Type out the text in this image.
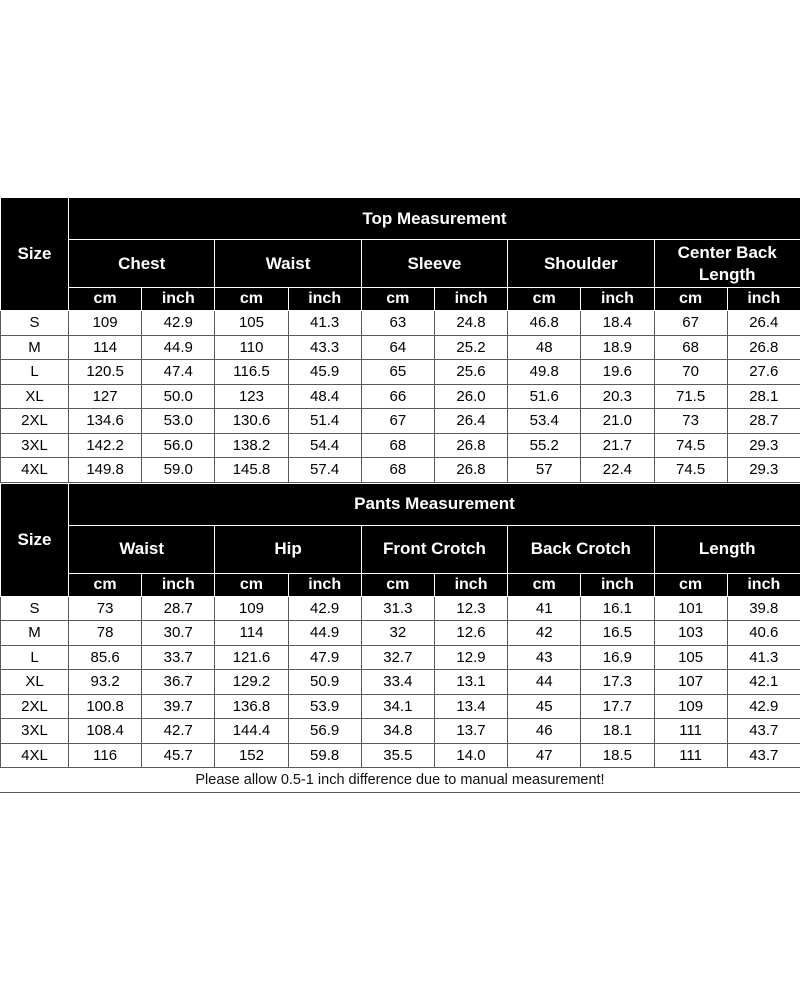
Size	Top Measurement									
	Chest		Waist		Sleeve		Shoulder		Center Back Length	
	cm	inch	cm	inch	cm	inch	cm	inch	cm	inch
S	109	42.9	105	41.3	63	24.8	46.8	18.4	67	26.4
M	114	44.9	110	43.3	64	25.2	48	18.9	68	26.8
L	120.5	47.4	116.5	45.9	65	25.6	49.8	19.6	70	27.6
XL	127	50.0	123	48.4	66	26.0	51.6	20.3	71.5	28.1
2XL	134.6	53.0	130.6	51.4	67	26.4	53.4	21.0	73	28.7
3XL	142.2	56.0	138.2	54.4	68	26.8	55.2	21.7	74.5	29.3
4XL	149.8	59.0	145.8	57.4	68	26.8	57	22.4	74.5	29.3
Size	Pants Measurement									
	Waist		Hip		Front Crotch		Back Crotch		Length	
	cm	inch	cm	inch	cm	inch	cm	inch	cm	inch
S	73	28.7	109	42.9	31.3	12.3	41	16.1	101	39.8
M	78	30.7	114	44.9	32	12.6	42	16.5	103	40.6
L	85.6	33.7	121.6	47.9	32.7	12.9	43	16.9	105	41.3
XL	93.2	36.7	129.2	50.9	33.4	13.1	44	17.3	107	42.1
2XL	100.8	39.7	136.8	53.9	34.1	13.4	45	17.7	109	42.9
3XL	108.4	42.7	144.4	56.9	34.8	13.7	46	18.1	111	43.7
4XL	116	45.7	152	59.8	35.5	14.0	47	18.5	111	43.7
Please allow 0.5-1 inch difference due to manual measurement!
